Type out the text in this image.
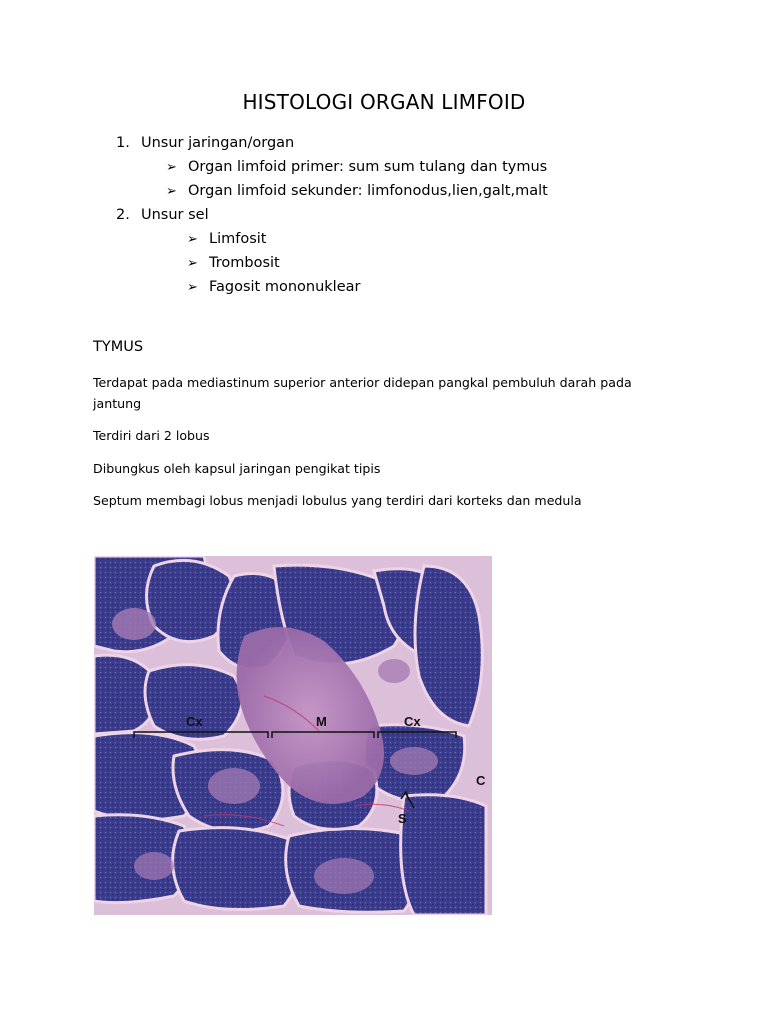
HISTOLOGI ORGAN LIMFOID
1. Unsur jaringan/organ
➢ Organ limfoid primer: sum sum tulang dan tymus
➢ Organ limfoid sekunder: limfonodus,lien,galt,malt
2. Unsur sel
➢ Limfosit
➢ Trombosit
➢ Fagosit mononuklear
TYMUS
Terdapat pada mediastinum superior anterior didepan pangkal pembuluh darah pada jantung
Terdiri dari 2 lobus
Dibungkus oleh kapsul jaringan pengikat tipis
Septum membagi lobus menjadi lobulus yang terdiri dari korteks dan medula
Cx	M	Cx
C
S
